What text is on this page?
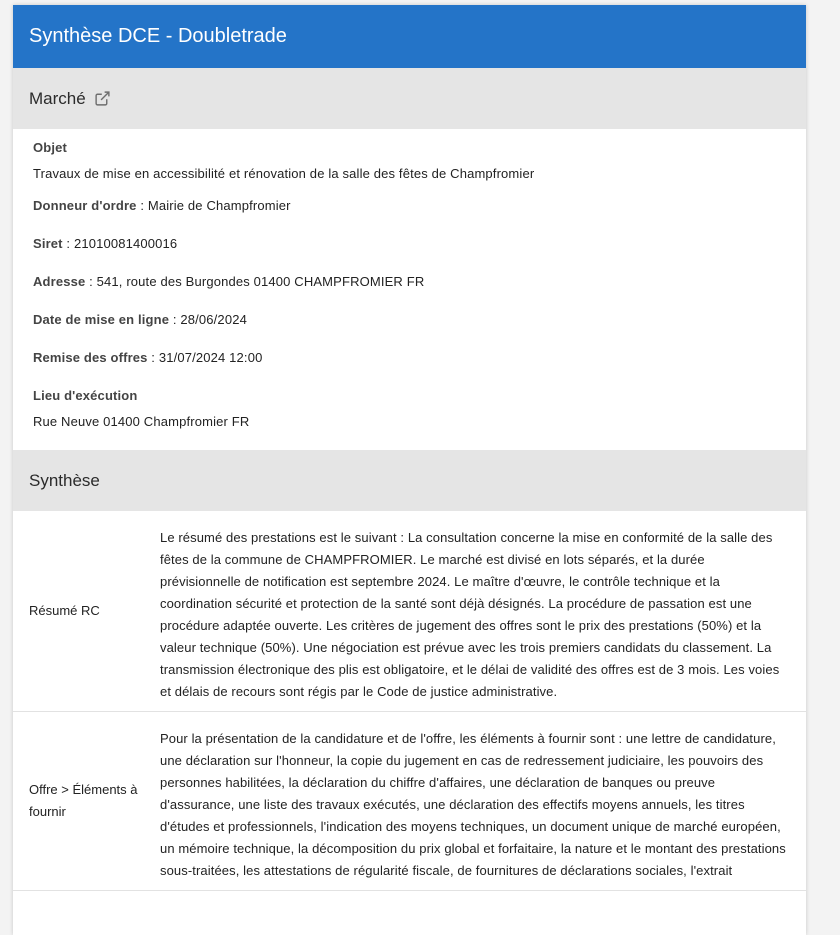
Synthèse DCE - Doubletrade
Marché
Objet
Travaux de mise en accessibilité et rénovation de la salle des fêtes de Champfromier
Donneur d'ordre : Mairie de Champfromier
Siret : 21010081400016
Adresse : 541, route des Burgondes 01400 CHAMPFROMIER FR
Date de mise en ligne : 28/06/2024
Remise des offres : 31/07/2024 12:00
Lieu d'exécution
Rue Neuve 01400 Champfromier FR
Synthèse
Résumé RC	Le résumé des prestations est le suivant : La consultation concerne la mise en conformité de la salle des fêtes de la commune de CHAMPFROMIER. Le marché est divisé en lots séparés, et la durée prévisionnelle de notification est septembre 2024. Le maître d'œuvre, le contrôle technique et la coordination sécurité et protection de la santé sont déjà désignés. La procédure de passation est une procédure adaptée ouverte. Les critères de jugement des offres sont le prix des prestations (50%) et la valeur technique (50%). Une négociation est prévue avec les trois premiers candidats du classement. La transmission électronique des plis est obligatoire, et le délai de validité des offres est de 3 mois. Les voies et délais de recours sont régis par le Code de justice administrative.
Offre > Éléments à fournir	Pour la présentation de la candidature et de l'offre, les éléments à fournir sont : une lettre de candidature, une déclaration sur l'honneur, la copie du jugement en cas de redressement judiciaire, les pouvoirs des personnes habilitées, la déclaration du chiffre d'affaires, une déclaration de banques ou preuve d'assurance, une liste des travaux exécutés, une déclaration des effectifs moyens annuels, les titres d'études et professionnels, l'indication des moyens techniques, un document unique de marché européen, un mémoire technique, la décomposition du prix global et forfaitaire, la nature et le montant des prestations sous-traitées, les attestations de régularité fiscale, de fournitures de déclarations sociales, l'extrait
